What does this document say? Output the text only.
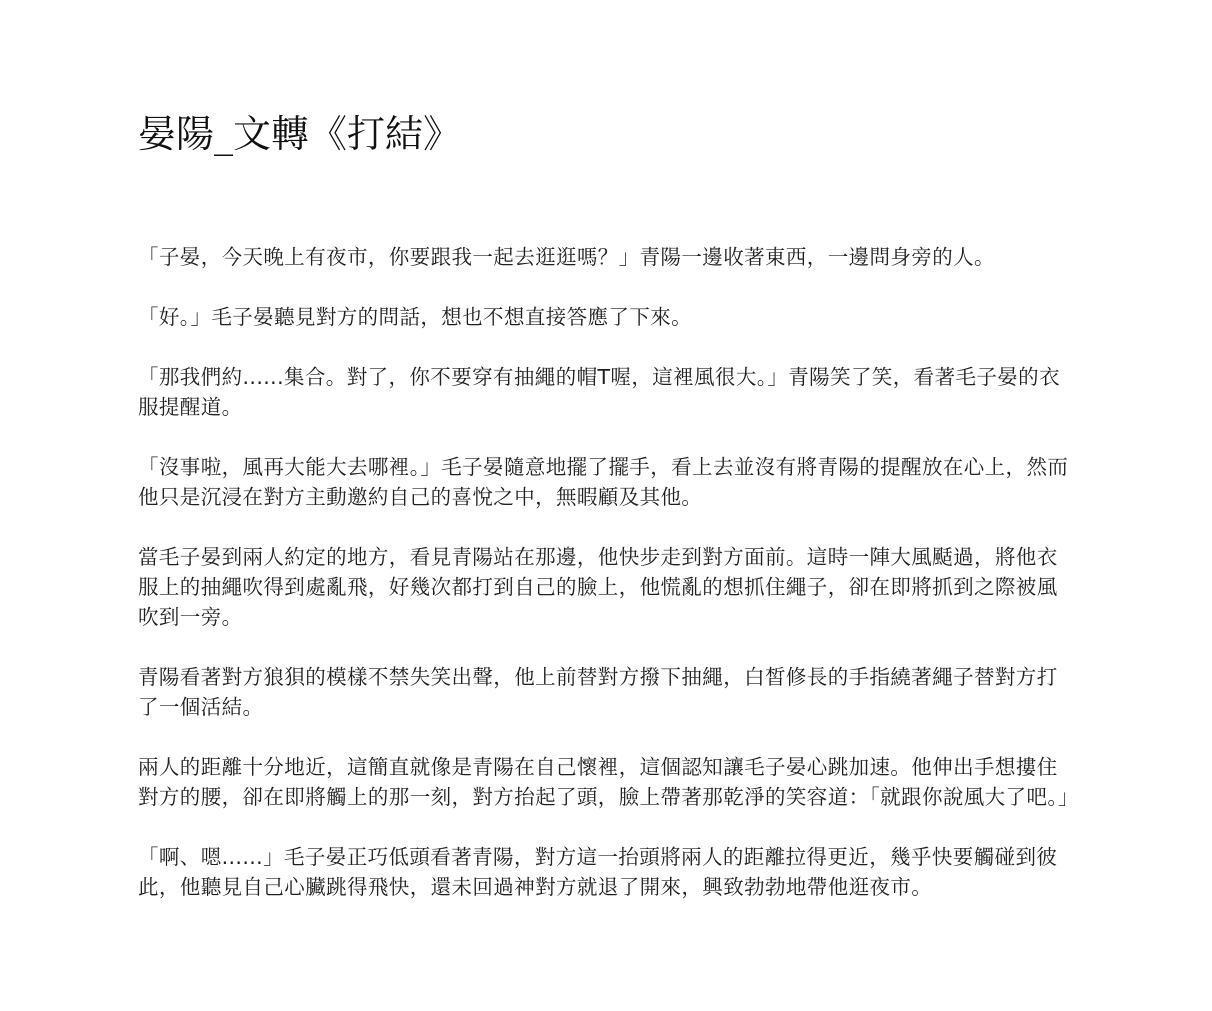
晏陽_文轉《打結》

「子晏，今天晚上有夜市，你要跟我一起去逛逛嗎？」青陽一邊收著東西，一邊問身旁的人。

「好。」毛子晏聽見對方的問話，想也不想直接答應了下來。

「那我們約......集合。對了，你不要穿有抽繩的帽T喔，這裡風很大。」青陽笑了笑，看著毛子晏的衣服提醒道。

「沒事啦，風再大能大去哪裡。」毛子晏隨意地擺了擺手，看上去並沒有將青陽的提醒放在心上，然而他只是沉浸在對方主動邀約自己的喜悅之中，無暇顧及其他。

當毛子晏到兩人約定的地方，看見青陽站在那邊，他快步走到對方面前。這時一陣大風颳過，將他衣服上的抽繩吹得到處亂飛，好幾次都打到自己的臉上，他慌亂的想抓住繩子，卻在即將抓到之際被風吹到一旁。

青陽看著對方狼狽的模樣不禁失笑出聲，他上前替對方撥下抽繩，白皙修長的手指繞著繩子替對方打了一個活結。

兩人的距離十分地近，這簡直就像是青陽在自己懷裡，這個認知讓毛子晏心跳加速。他伸出手想摟住對方的腰，卻在即將觸上的那一刻，對方抬起了頭，臉上帶著那乾淨的笑容道：「就跟你說風大了吧。」

「啊、嗯......」毛子晏正巧低頭看著青陽，對方這一抬頭將兩人的距離拉得更近，幾乎快要觸碰到彼此，他聽見自己心臟跳得飛快，還未回過神對方就退了開來，興致勃勃地帶他逛夜市。
